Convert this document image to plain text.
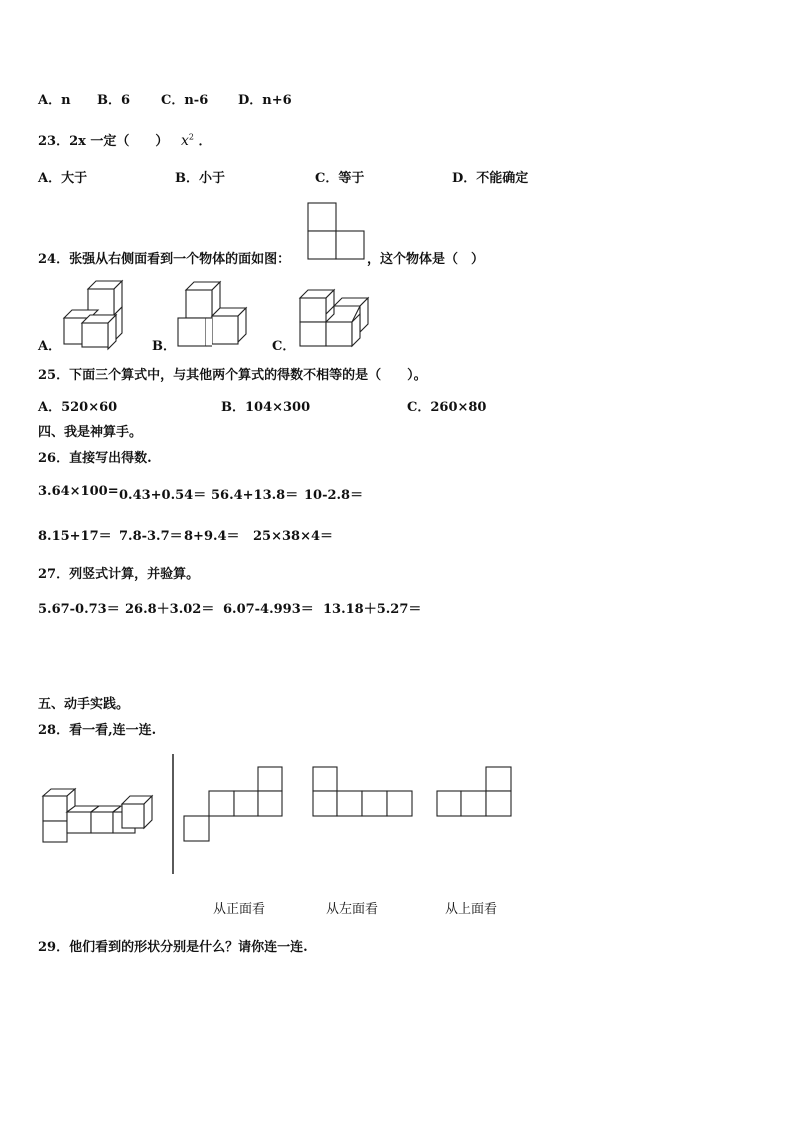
A．n B．6 C．n-6 D．n+6
23．2x 一定（　　） $x^2$ ．
A．大于	B．小于	C．等于	D．不能确定
24．张强从右侧面看到一个物体的面如图：	，这个物体是（　）
A．	B．	C．
25．下面三个算式中，与其他两个算式的得数不相等的是（　　）。
A．520×60	B．104×300	C．260×80
四、我是神算手。
26．直接写出得数.
3.64×100= 0.43+0.54＝ 56.4+13.8＝ 10-2.8＝
8.15+17＝ 7.8-3.7＝ 8+9.4＝ 25×38×4＝
27．列竖式计算，并验算。
5.67-0.73＝ 26.8＋3.02＝ 6.07-4.993＝ 13.18＋5.27＝
五、动手实践。
28．看一看,连一连.
从正面看	从左面看	从上面看
29．他们看到的形状分别是什么？请你连一连.
